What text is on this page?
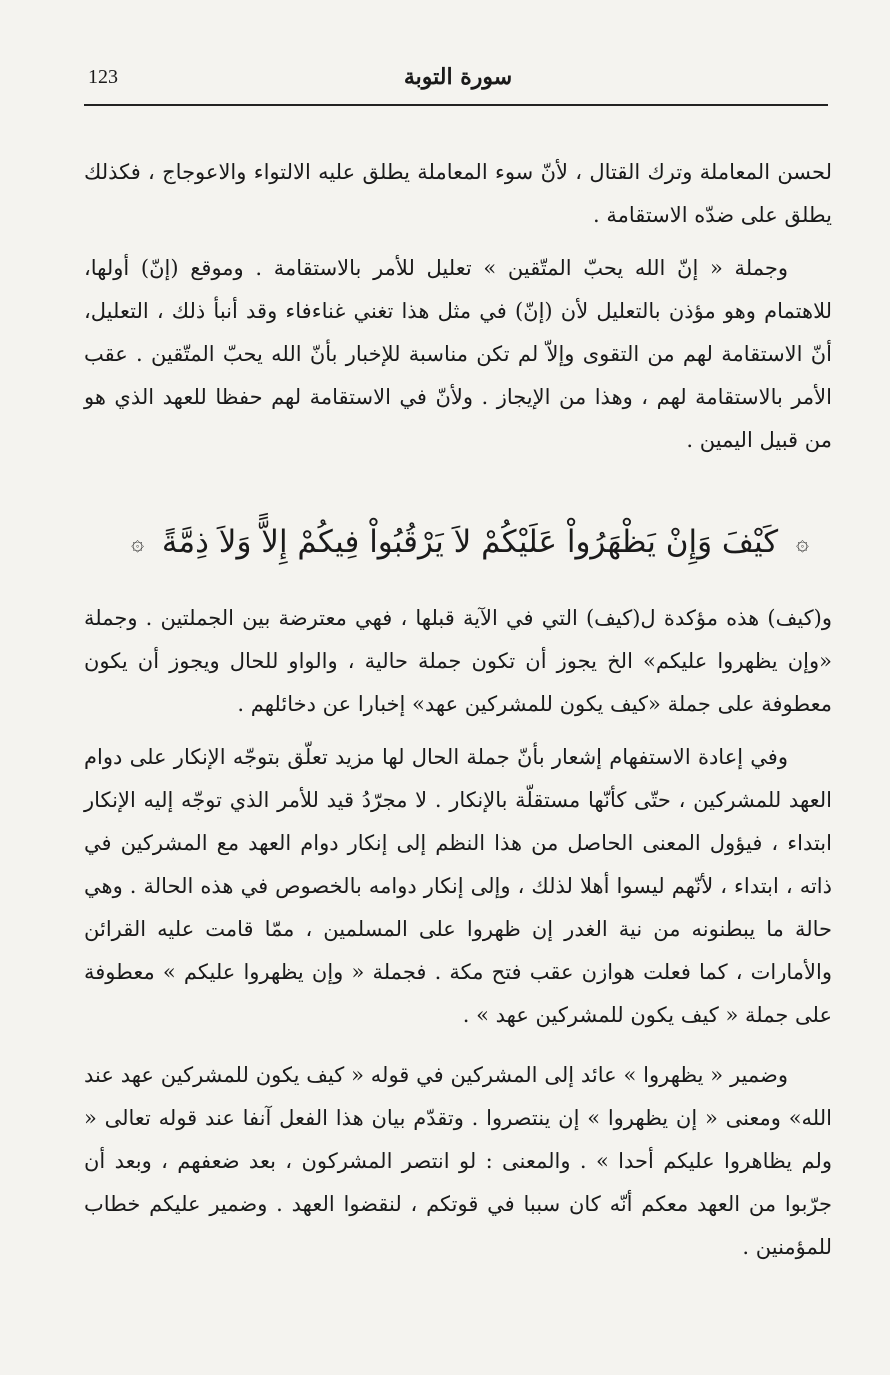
123	سورة التوبة

لحسن المعاملة وترك القتال ، لأنّ سوء المعاملة يطلق عليه الالتواء والاعوجاج ، فكذلك يطلق على ضدّه الاستقامة .

وجملة « إنّ الله يحبّ المتّقين » تعليل للأمر بالاستقامة . وموقع (إنّ) أولها، للاهتمام وهو مؤذن بالتعليل لأن (إنّ) في مثل هذا تغني غناءفاء وقد أنبأ ذلك ، التعليل، أنّ الاستقامة لهم من التقوى وإلاّ لم تكن مناسبة للإخبار بأنّ الله يحبّ المتّقين . عقب الأمر بالاستقامة لهم ، وهذا من الإيجاز . ولأنّ في الاستقامة لهم حفظا للعهد الذي هو من قبيل اليمين .

۞ كَيْفَ وَإِنْ يَظْهَرُواْ عَلَيْكُمْ لاَ يَرْقُبُواْ فِيكُمْ إِلاًّ وَلاَ ذِمَّةً ۞

و(كيف) هذه مؤكدة ل(كيف) التي في الآية قبلها ، فهي معترضة بين الجملتين . وجملة «وإن يظهروا عليكم» الخ يجوز أن تكون جملة حالية ، والواو للحال ويجوز أن يكون معطوفة على جملة «كيف يكون للمشركين عهد» إخبارا عن دخائلهم .

وفي إعادة الاستفهام إشعار بأنّ جملة الحال لها مزيد تعلّق بتوجّه الإنكار على دوام العهد للمشركين ، حتّى كأنّها مستقلّة بالإنكار . لا مجرّدُ قيد للأمر الذي توجّه إليه الإنكار ابتداء ، فيؤول المعنى الحاصل من هذا النظم إلى إنكار دوام العهد مع المشركين في ذاته ، ابتداء ، لأنّهم ليسوا أهلا لذلك ، وإلى إنكار دوامه بالخصوص في هذه الحالة . وهي حالة ما يبطنونه من نية الغدر إن ظهروا على المسلمين ، ممّا قامت عليه القرائن والأمارات ، كما فعلت هوازن عقب فتح مكة . فجملة « وإن يظهروا عليكم » معطوفة على جملة « كيف يكون للمشركين عهد » .

وضمير « يظهروا » عائد إلى المشركين في قوله « كيف يكون للمشركين عهد عند الله» ومعنى « إن يظهروا » إن ينتصروا . وتقدّم بيان هذا الفعل آنفا عند قوله تعالى « ولم يظاهروا عليكم أحدا » . والمعنى : لو انتصر المشركون ، بعد ضعفهم ، وبعد أن جرّبوا من العهد معكم أنّه كان سببا في قوتكم ، لنقضوا العهد . وضمير عليكم خطاب للمؤمنين .
